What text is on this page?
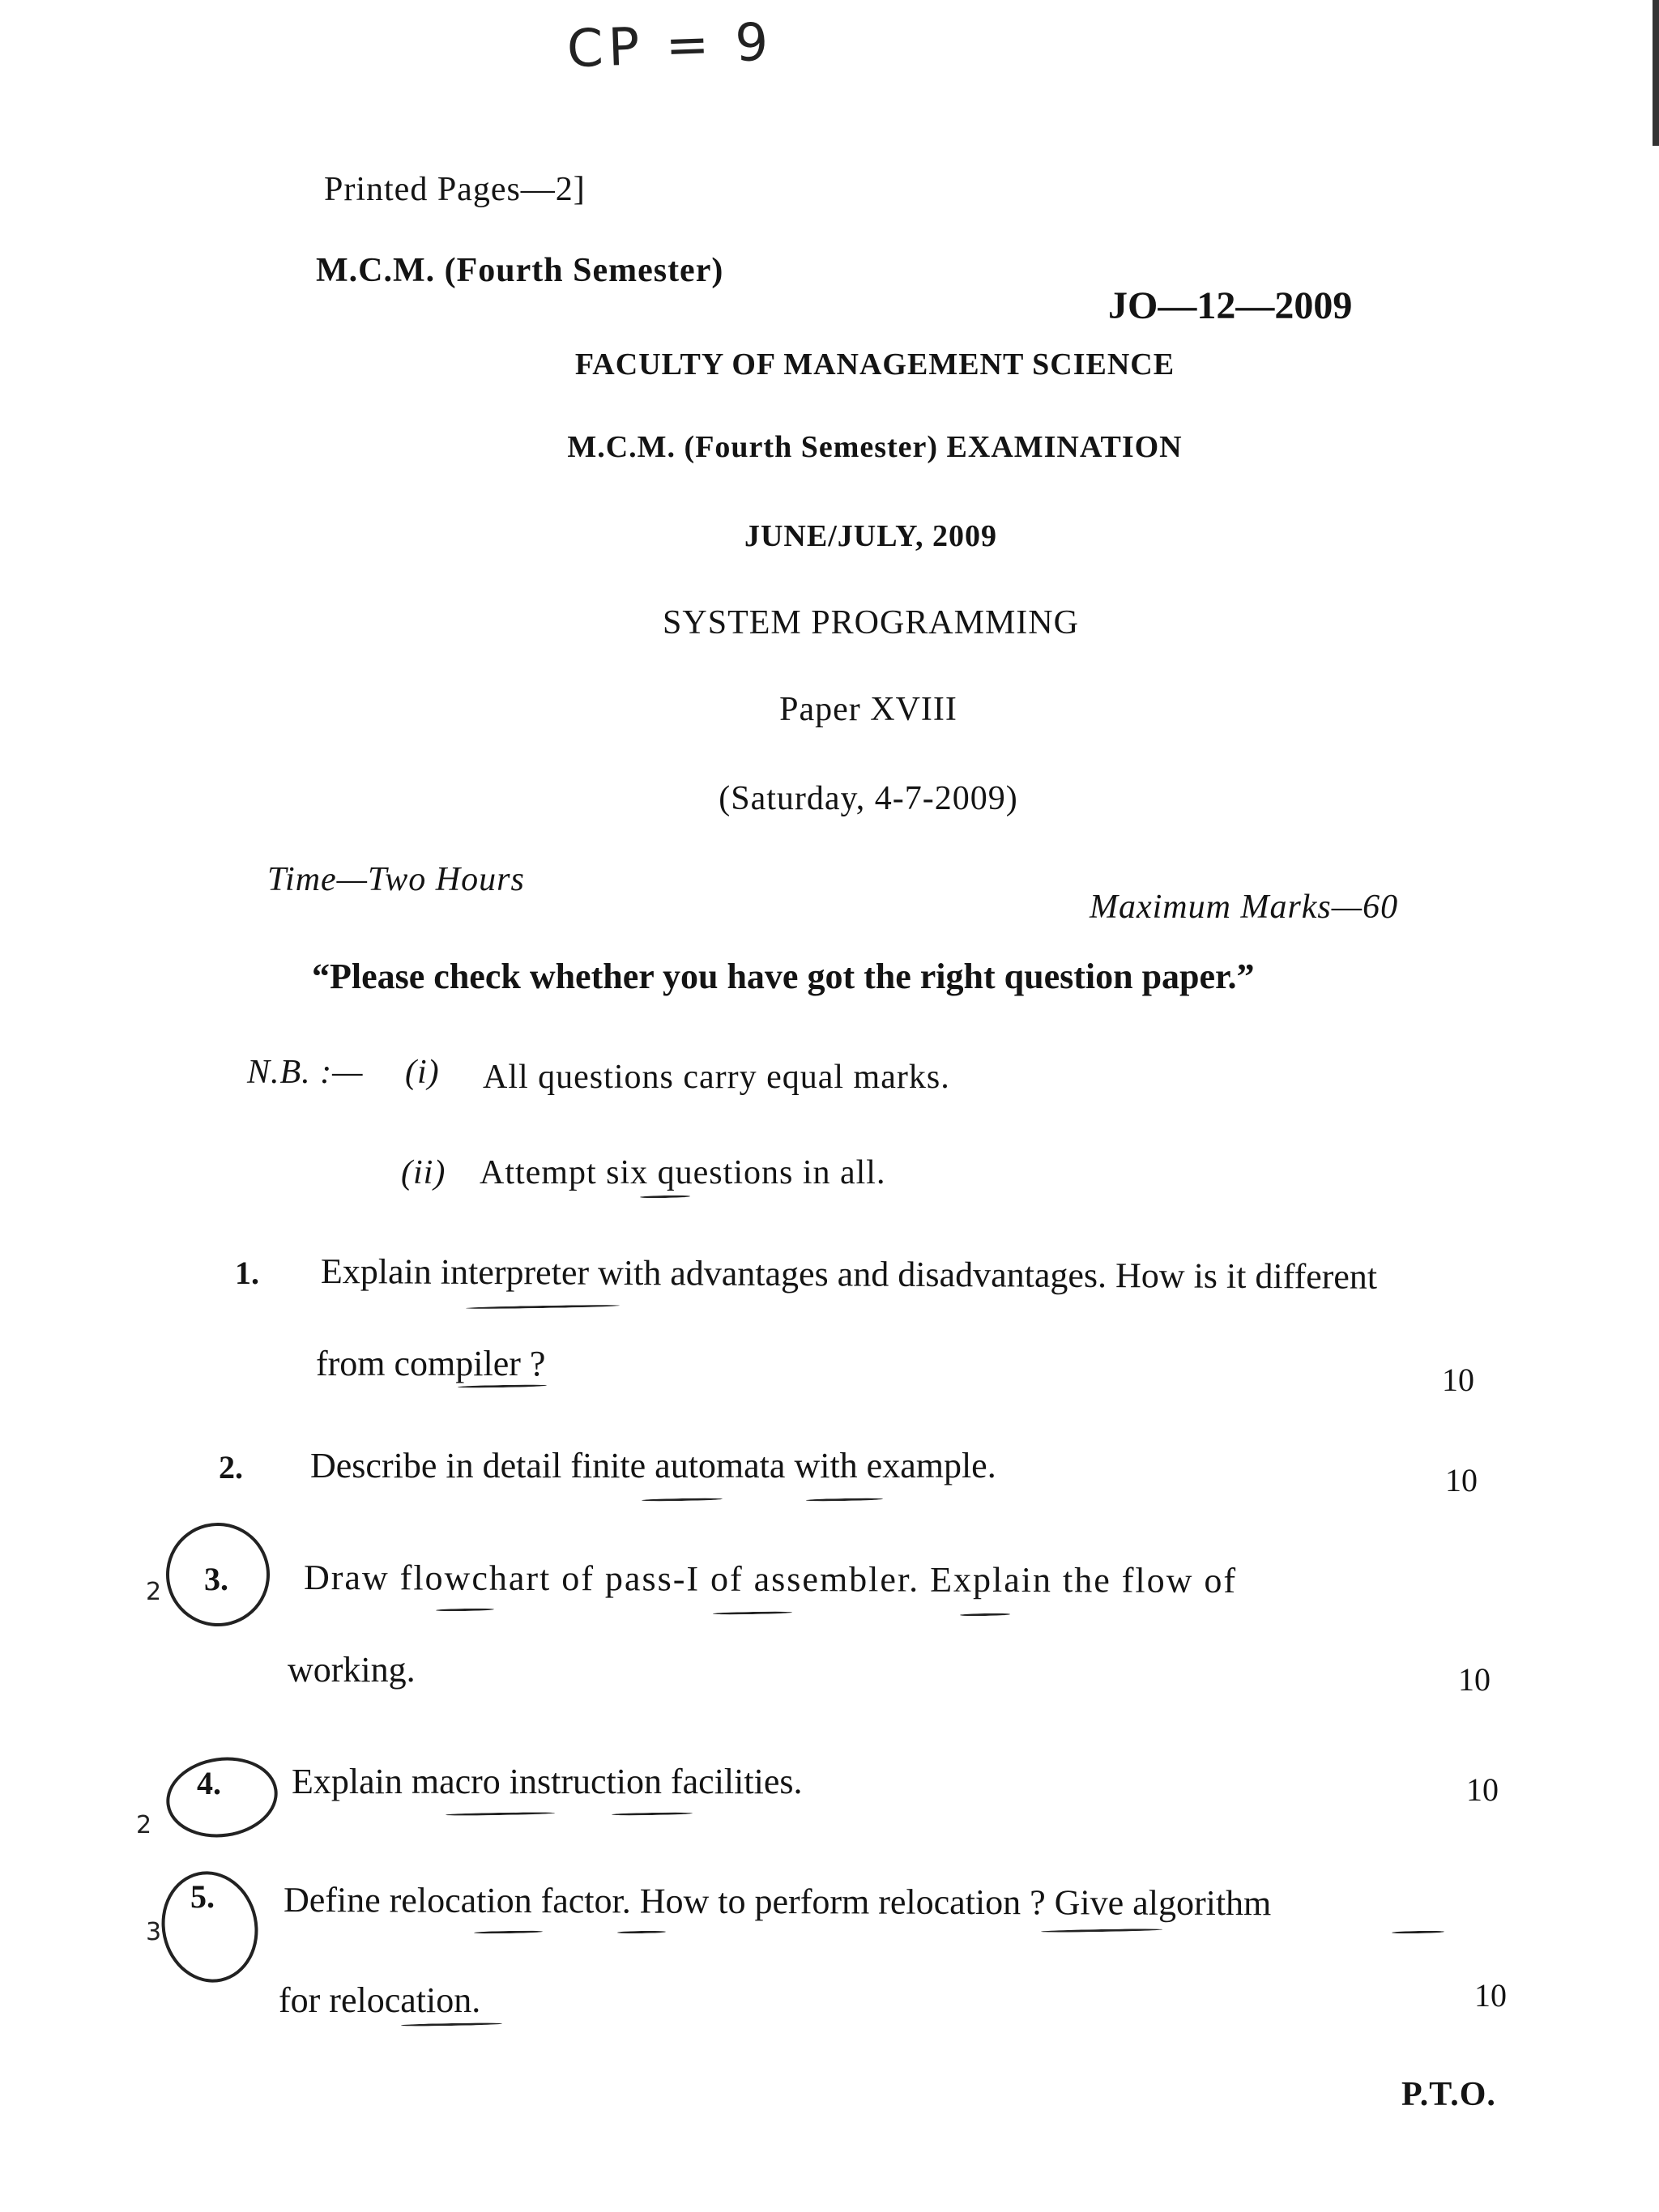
CP = 9
Printed Pages—2]
M.C.M. (Fourth Semester)
JO—12—2009
FACULTY OF MANAGEMENT SCIENCE
M.C.M. (Fourth Semester) EXAMINATION
JUNE/JULY, 2009
SYSTEM PROGRAMMING
Paper XVIII
(Saturday, 4-7-2009)
Time—Two Hours
Maximum Marks—60
“Please check whether you have got the right question paper.”
N.B. :— (i) All questions carry equal marks.
(ii) Attempt six questions in all.
1. Explain interpreter with advantages and disadvantages. How is it different
from compiler ?	10
2. Describe in detail finite automata with example.	10
3.
2	Draw flowchart of pass-I of assembler. Explain the flow of
working.	10
4.
2
Explain macro instruction facilities.	10
5.
3
Define relocation factor. How to perform relocation ? Give algorithm
for relocation.	10
P.T.O.
